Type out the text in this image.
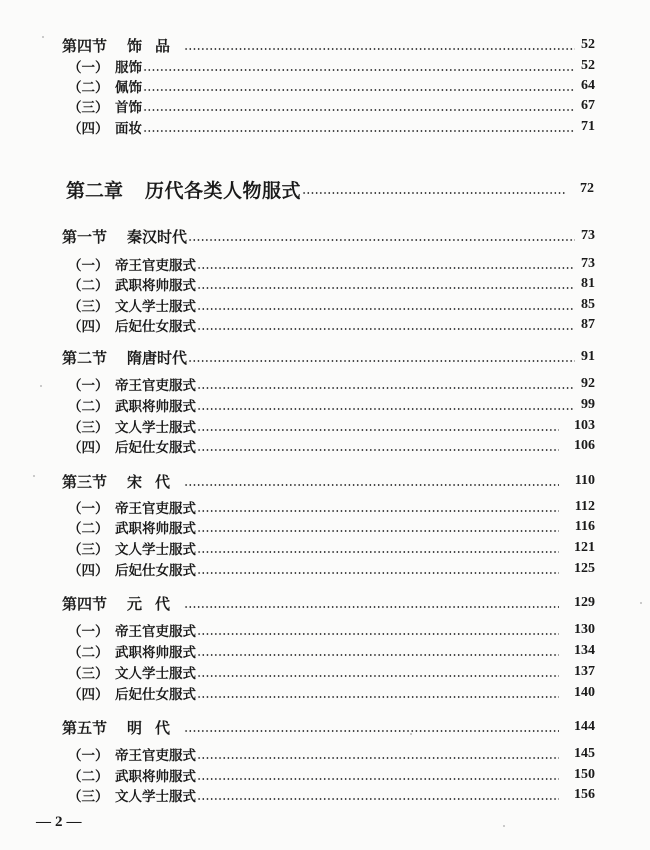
第四节 饰品	52
（一） 服饰	52
（二） 佩饰	64
（三） 首饰	67
（四） 面妆	71
第二章 历代各类人物服式	72
第一节 秦汉时代	73
（一） 帝王官吏服式	73
（二） 武职将帅服式	81
（三） 文人学士服式	85
（四） 后妃仕女服式	87
第二节 隋唐时代	91
（一） 帝王官吏服式	92
（二） 武职将帅服式	99
（三） 文人学士服式	103
（四） 后妃仕女服式	106
第三节 宋代	110
（一） 帝王官吏服式	112
（二） 武职将帅服式	116
（三） 文人学士服式	121
（四） 后妃仕女服式	125
第四节 元代	129
（一） 帝王官吏服式	130
（二） 武职将帅服式	134
（三） 文人学士服式	137
（四） 后妃仕女服式	140
第五节 明代	144
（一） 帝王官吏服式	145
（二） 武职将帅服式	150
（三） 文人学士服式	156
—2—
